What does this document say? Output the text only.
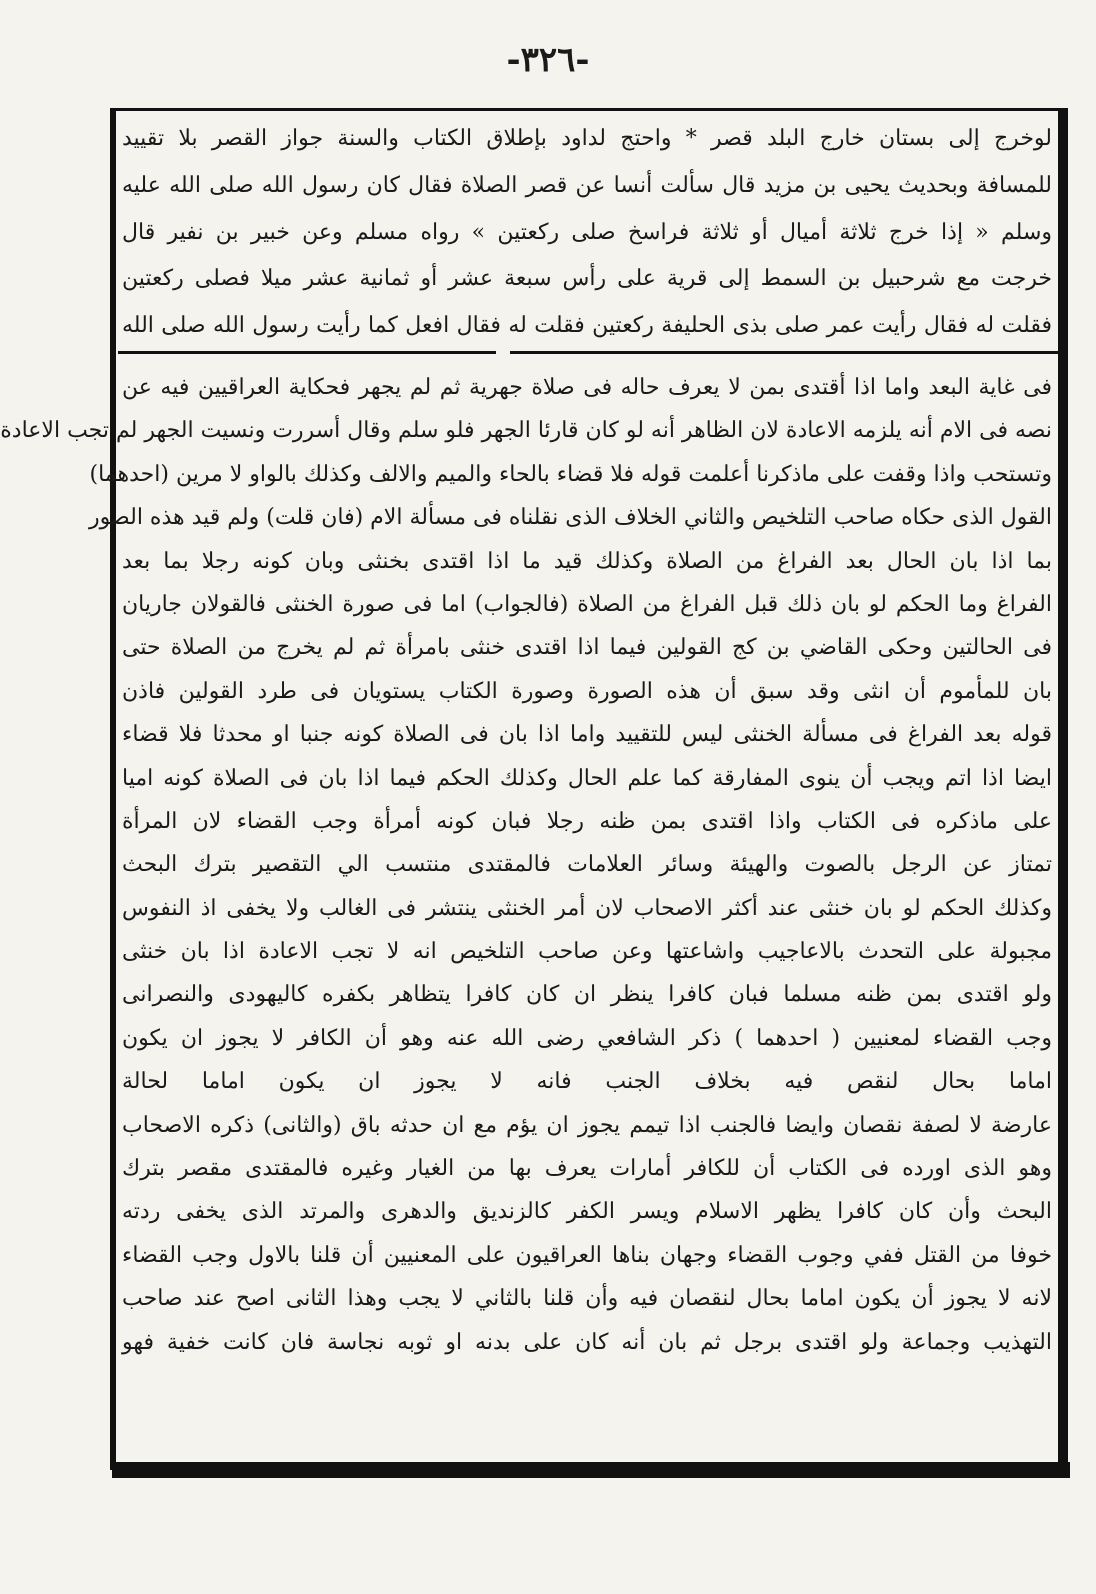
-٣٢٦-
لوخرج إلى بستان خارج البلد قصر * واحتج لداود بإطلاق الكتاب والسنة جواز القصر بلا تقييد
للمسافة وبحديث يحيى بن مزيد قال سألت أنسا عن قصر الصلاة فقال كان رسول الله صلى الله عليه
وسلم « إذا خرج ثلاثة أميال أو ثلاثة فراسخ صلى ركعتين » رواه مسلم وعن خبير بن نفير قال
خرجت مع شرحبيل بن السمط إلى قرية على رأس سبعة عشر أو ثمانية عشر ميلا فصلى ركعتين
فقلت له فقال رأيت عمر صلى بذى الحليفة ركعتين فقلت له فقال افعل كما رأيت رسول الله صلى الله
فى غاية البعد واما اذا أقتدى بمن لا يعرف حاله فى صلاة جهرية ثم لم يجهر فحكاية العراقيين فيه عن
نصه فى الام أنه يلزمه الاعادة لان الظاهر أنه لو كان قارئا الجهر فلو سلم وقال أسررت ونسيت الجهر لم تجب الاعادة
وتستحب واذا وقفت على ماذكرنا أعلمت قوله فلا قضاء بالحاء والميم والالف وكذلك بالواو لا مرين (احدهما)
القول الذى حكاه صاحب التلخيص والثاني الخلاف الذى نقلناه فى مسألة الام (فان قلت) ولم قيد هذه الصور
بما اذا بان الحال بعد الفراغ من الصلاة وكذلك قيد ما اذا اقتدى بخنثى وبان كونه رجلا بما بعد
الفراغ وما الحكم لو بان ذلك قبل الفراغ من الصلاة (فالجواب) اما فى صورة الخنثى فالقولان جاريان
فى الحالتين وحكى القاضي بن كج القولين فيما اذا اقتدى خنثى بامرأة ثم لم يخرج من الصلاة حتى
بان للمأموم أن انثى وقد سبق أن هذه الصورة وصورة الكتاب يستويان فى طرد القولين فاذن
قوله بعد الفراغ فى مسألة الخنثى ليس للتقييد واما اذا بان فى الصلاة كونه جنبا او محدثا فلا قضاء
ايضا اذا اتم ويجب أن ينوى المفارقة كما علم الحال وكذلك الحكم فيما اذا بان فى الصلاة كونه اميا
على ماذكره فى الكتاب واذا اقتدى بمن ظنه رجلا فبان كونه أمرأة وجب القضاء لان المرأة
تمتاز عن الرجل بالصوت والهيئة وسائر العلامات فالمقتدى منتسب الي التقصير بترك البحث
وكذلك الحكم لو بان خنثى عند أكثر الاصحاب لان أمر الخنثى ينتشر فى الغالب ولا يخفى اذ النفوس
مجبولة على التحدث بالاعاجيب واشاعتها وعن صاحب التلخيص انه لا تجب الاعادة اذا بان خنثى
ولو اقتدى بمن ظنه مسلما فبان كافرا ينظر ان كان كافرا يتظاهر بكفره كاليهودى والنصرانى
وجب القضاء لمعنيين ( احدهما ) ذكر الشافعي رضى الله عنه وهو أن الكافر لا يجوز ان يكون
اماما بحال لنقص فيه بخلاف الجنب فانه لا يجوز ان يكون اماما لحالة
عارضة لا لصفة نقصان وايضا فالجنب اذا تيمم يجوز ان يؤم مع ان حدثه باق (والثانى) ذكره الاصحاب
وهو الذى اورده فى الكتاب أن للكافر أمارات يعرف بها من الغيار وغيره فالمقتدى مقصر بترك
البحث وأن كان كافرا يظهر الاسلام ويسر الكفر كالزنديق والدهرى والمرتد الذى يخفى ردته
خوفا من القتل ففي وجوب القضاء وجهان بناها العراقيون على المعنيين أن قلنا بالاول وجب القضاء
لانه لا يجوز أن يكون اماما بحال لنقصان فيه وأن قلنا بالثاني لا يجب وهذا الثانى اصح عند صاحب
التهذيب وجماعة ولو اقتدى برجل ثم بان أنه كان على بدنه او ثوبه نجاسة فان كانت خفية فهو
